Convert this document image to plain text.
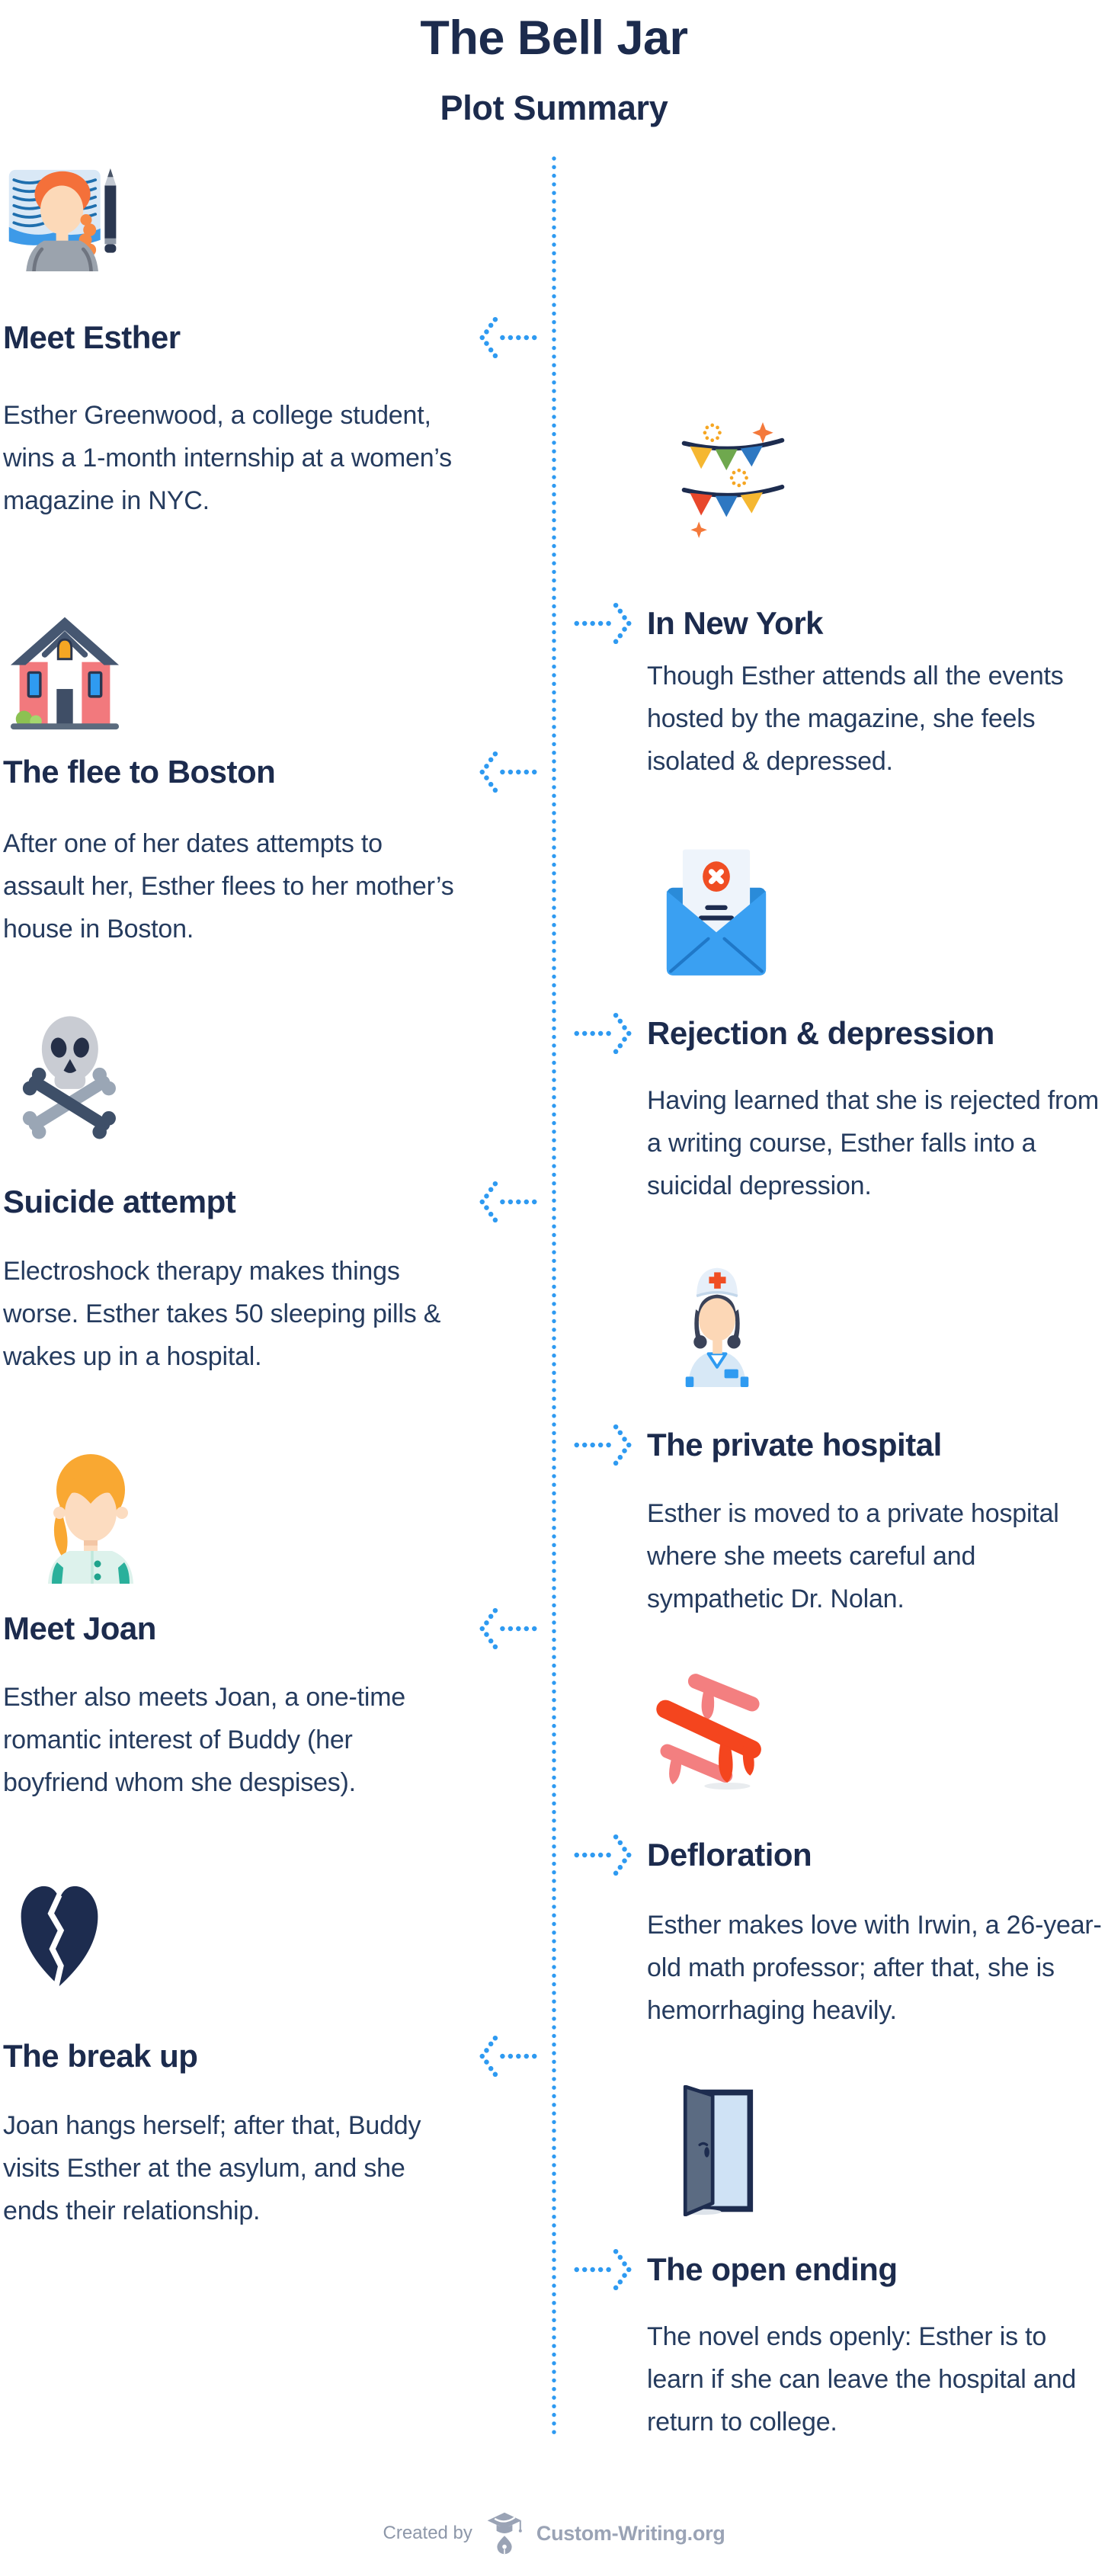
The Bell Jar
Plot Summary
Meet Esther

Esther Greenwood, a college student, wins a 1-month internship at a women’s magazine in NYC.

In New York

Though Esther attends all the events hosted by the magazine, she feels isolated & depressed.

The flee to Boston

After one of her dates attempts to assault her, Esther flees to her mother’s house in Boston.

Rejection & depression

Having learned that she is rejected from a writing course, Esther falls into a suicidal depression.

Suicide attempt

Electroshock therapy makes things worse. Esther takes 50 sleeping pills & wakes up in a hospital.

The private hospital

Esther is moved to a private hospital where she meets careful and sympathetic Dr. Nolan.

Meet Joan

Esther also meets Joan, a one-time romantic interest of Buddy (her boyfriend whom she despises).

Defloration

Esther makes love with Irwin, a 26-year-old math professor; after that, she is hemorrhaging heavily.

The break up

Joan hangs herself; after that, Buddy visits Esther at the asylum, and she ends their relationship.

The open ending

The novel ends openly: Esther is to learn if she can leave the hospital and return to college.

Created by	Custom-Writing.org
